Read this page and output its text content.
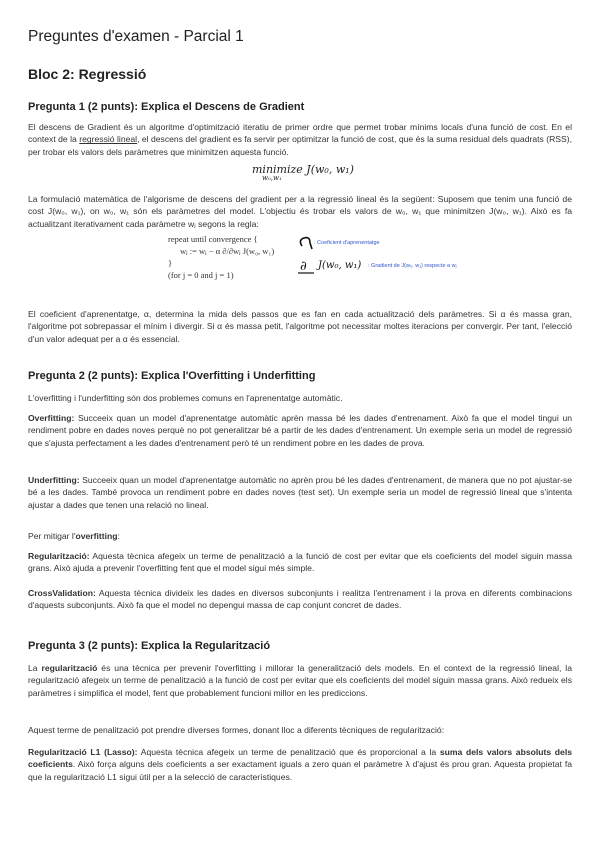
Preguntes d'examen - Parcial 1
Bloc 2: Regressió
Pregunta 1 (2 punts): Explica el Descens de Gradient

El descens de Gradient és un algoritme d'optimització iteratiu de primer ordre que permet trobar mínims locals d'una funció de cost. En el context de la regressió lineal, el descens del gradient es fa servir per optimitzar la funció de cost, que és la suma residual dels quadrats (RSS), per trobar els valors dels paràmetres que minimitzen aquesta funció.

minimize J(w₀, w₁)
w₀,w₁

La formulació matemàtica de l'algorisme de descens del gradient per a la regressió lineal és la següent: Suposem que tenim una funció de cost J(w₀, w₁), on w₀, w₁ són els paràmetres del model. L'objectiu és trobar els valors de w₀, w₁ que minimitzen J(w₀, w₁). Això es fa actualitzant iterativament cada paràmetre wⱼ segons la regla:

repeat until convergence {
wⱼ := wⱼ − α ∂/∂wⱼ J(w₀, w₁)
}
(for j = 0 and j = 1)
∂ J(w₀, w₁)
: Coeficient d'aprenentatge
: Gradient de J(w₀, w₁) respecte a wⱼ

El coeficient d'aprenentatge, α, determina la mida dels passos que es fan en cada actualització dels paràmetres. Si α és massa gran, l'algoritme pot sobrepassar el mínim i divergir. Si α és massa petit, l'algoritme pot necessitar moltes iteracions per convergir. Per tant, l'elecció d'un valor adequat per a α és essencial.

Pregunta 2 (2 punts): Explica l'Overfitting i Underfitting

L'overfitting i l'underfitting són dos problemes comuns en l'aprenentatge automàtic.

Overfitting: Succeeix quan un model d'aprenentatge automàtic aprèn massa bé les dades d'entrenament. Això fa que el model tingui un rendiment pobre en dades noves perquè no pot generalitzar bé a partir de les dades d'entrenament. Un exemple seria un model de regressió que s'ajusta perfectament a les dades d'entrenament però té un rendiment pobre en les dades de prova.

Underfitting: Succeeix quan un model d'aprenentatge automàtic no aprèn prou bé les dades d'entrenament, de manera que no pot ajustar-se bé a les dades. També provoca un rendiment pobre en dades noves (test set). Un exemple seria un model de regressió lineal que s'intenta ajustar a dades que tenen una relació no lineal.

Per mitigar l'overfitting:

Regularització: Aquesta tècnica afegeix un terme de penalització a la funció de cost per evitar que els coeficients del model siguin massa grans. Això ajuda a prevenir l'overfitting fent que el model sigui més simple.

CrossValidation: Aquesta tècnica divideix les dades en diversos subconjunts i realitza l'entrenament i la prova en diferents combinacions d'aquests subconjunts. Això fa que el model no depengui massa de cap conjunt concret de dades.

Pregunta 3 (2 punts): Explica la Regularització

La regularització és una tècnica per prevenir l'overfitting i millorar la generalització dels models. En el context de la regressió lineal, la regularització afegeix un terme de penalització a la funció de cost per evitar que els coeficients del model siguin massa grans. Això redueix els paràmetres i simplifica el model, fent que probablement funcioni millor en les prediccions.

Aquest terme de penalització pot prendre diverses formes, donant lloc a diferents tècniques de regularització:

Regularització L1 (Lasso): Aquesta tècnica afegeix un terme de penalització que és proporcional a la suma dels valors absoluts dels coeficients. Això força alguns dels coeficients a ser exactament iguals a zero quan el paràmetre λ d'ajust és prou gran. Aquesta propietat fa que la regularització L1 sigui útil per a la selecció de característiques.
